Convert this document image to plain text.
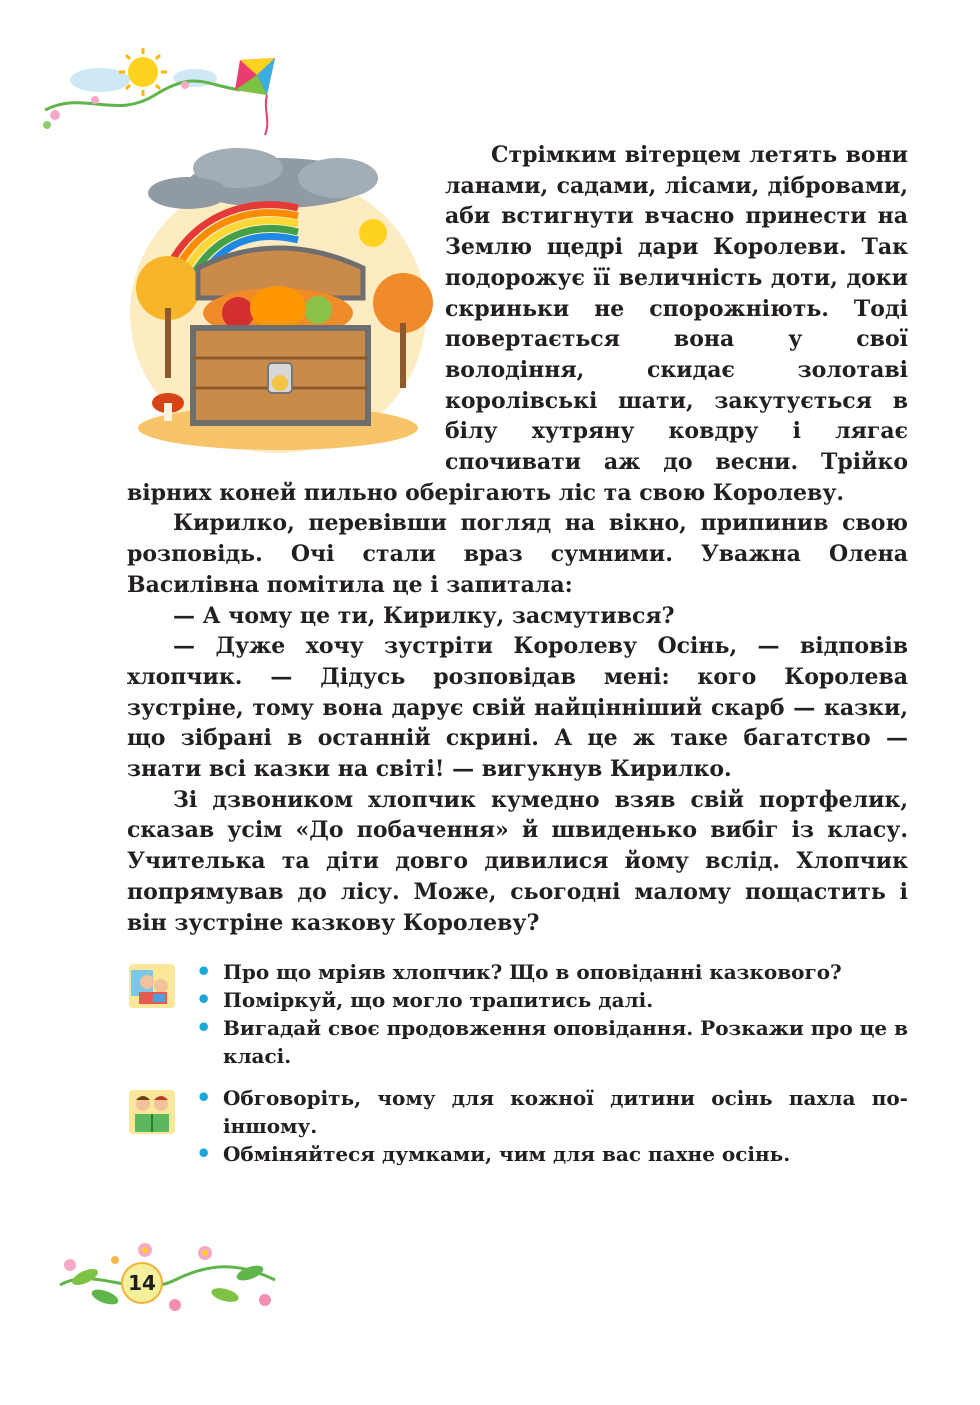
Стрімким вітерцем летять вони ланами, садами, лісами, дібровами, аби встигнути вчасно принести на Землю щедрі дари Королеви. Так подорожує її величність доти, доки скриньки не спорожніють. Тоді повертається вона у свої володіння, скидає золотаві королівські шати, закутується в білу хутряну ковдру і лягає спочивати аж до весни. Трійко вірних коней пильно оберігають ліс та свою Королеву.

Кирилко, перевівши погляд на вікно, припинив свою розповідь. Очі стали враз сумними. Уважна Олена Василівна помітила це і запитала:

— А чому це ти, Кирилку, засмутився?

— Дуже хочу зустріти Королеву Осінь, — відповів хлопчик. — Дідусь розповідав мені: кого Королева зустріне, тому вона дарує свій найцінніший скарб — казки, що зібрані в останній скрині. А це ж таке багатство — знати всі казки на світі! — вигукнув Кирилко.

Зі дзвоником хлопчик кумедно взяв свій портфелик, сказав усім «До побачення» й швиденько вибіг із класу. Учителька та діти довго дивилися йому вслід. Хлопчик попрямував до лісу. Може, сьогодні малому пощастить і він зустріне казкову Королеву?

• Про що мріяв хлопчик? Що в оповіданні казкового?
• Поміркуй, що могло трапитись далі.
• Вигадай своє продовження оповідання. Розкажи про це в класі.
• Обговоріть, чому для кожної дитини осінь пахла по-іншому.
• Обміняйтеся думками, чим для вас пахне осінь.
14
